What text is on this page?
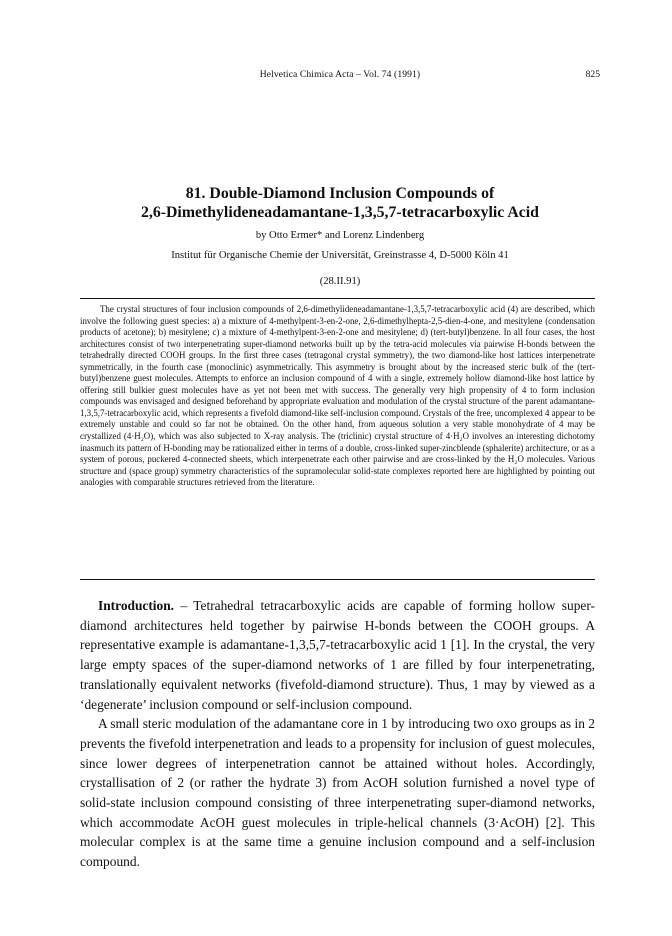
Helvetica Chimica Acta – Vol. 74 (1991)	825
81. Double-Diamond Inclusion Compounds of
2,6-Dimethylideneadamantane-1,3,5,7-tetracarboxylic Acid
by Otto Ermer* and Lorenz Lindenberg
Institut für Organische Chemie der Universität, Greinstrasse 4, D-5000 Köln 41
(28.II.91)

The crystal structures of four inclusion compounds of 2,6-dimethylideneadamantane-1,3,5,7-tetracarboxylic acid (4) are described, which involve the following guest species: a) a mixture of 4-methylpent-3-en-2-one, 2,6-dimethylhepta-2,5-dien-4-one, and mesitylene (condensation products of acetone); b) mesitylene; c) a mixture of 4-methylpent-3-en-2-one and mesitylene; d) (tert-butyl)benzene. In all four cases, the host architectures consist of two interpenetrating super-diamond networks built up by the tetra-acid molecules via pairwise H-bonds between the tetrahedrally directed COOH groups. In the first three cases (tetragonal crystal symmetry), the two diamond-like host lattices interpenetrate symmetrically, in the fourth case (monoclinic) asymmetrically. This asymmetry is brought about by the increased steric bulk of the (tert-butyl)benzene guest molecules. Attempts to enforce an inclusion compound of 4 with a single, extremely hollow diamond-like host lattice by offering still bulkier guest molecules have as yet not been met with success. The generally very high propensity of 4 to form inclusion compounds was envisaged and designed beforehand by appropriate evaluation and modulation of the crystal structure of the parent adamantane-1,3,5,7-tetracarboxylic acid, which represents a fivefold diamond-like self-inclusion compound. Crystals of the free, uncomplexed 4 appear to be extremely unstable and could so far not be obtained. On the other hand, from aqueous solution a very stable monohydrate of 4 may be crystallized (4·H₂O), which was also subjected to X-ray analysis. The (triclinic) crystal structure of 4·H₂O involves an interesting dichotomy inasmuch its pattern of H-bonding may be rationalized either in terms of a double, cross-linked super-zincblende (sphalerite) architecture, or as a system of porous, puckered 4-connected sheets, which interpenetrate each other pairwise and are cross-linked by the H₂O molecules. Various structure and (space group) symmetry characteristics of the supramolecular solid-state complexes reported here are highlighted by pointing out analogies with comparable structures retrieved from the literature.

Introduction. – Tetrahedral tetracarboxylic acids are capable of forming hollow super-diamond architectures held together by pairwise H-bonds between the COOH groups. A representative example is adamantane-1,3,5,7-tetracarboxylic acid 1 [1]. In the crystal, the very large empty spaces of the super-diamond networks of 1 are filled by four interpenetrating, translationally equivalent networks (fivefold-diamond structure). Thus, 1 may by viewed as a ‘degenerate’ inclusion compound or self-inclusion compound.

A small steric modulation of the adamantane core in 1 by introducing two oxo groups as in 2 prevents the fivefold interpenetration and leads to a propensity for inclusion of guest molecules, since lower degrees of interpenetration cannot be attained without holes. Accordingly, crystallisation of 2 (or rather the hydrate 3) from AcOH solution furnished a novel type of solid-state inclusion compound consisting of three interpenetrating super-diamond networks, which accommodate AcOH guest molecules in triple-helical channels (3·AcOH) [2]. This molecular complex is at the same time a genuine inclusion compound and a self-inclusion compound.
